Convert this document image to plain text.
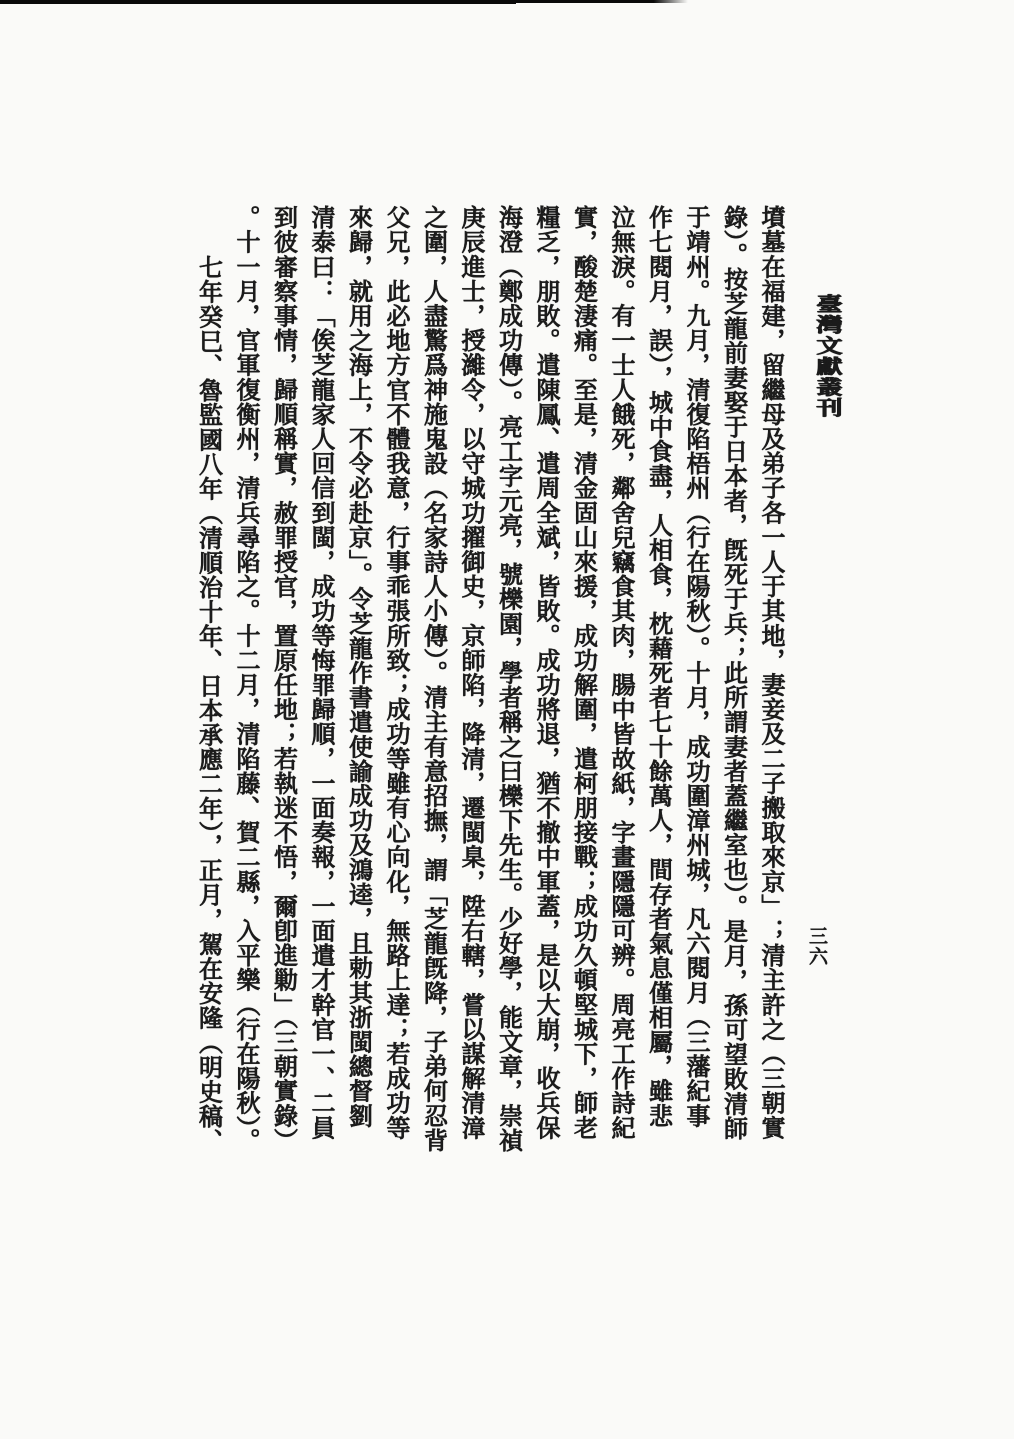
臺灣文獻叢刊
三六
墳墓在福建，留繼母及弟子各一人于其地，妻妾及二子搬取來京」；清主許之（三朝實
錄）。按芝龍前妻娶于日本者，旣死于兵；此所謂妻者蓋繼室也）。是月，孫可望敗清師
于靖州。九月，清復陷梧州（行在陽秋）。十月，成功圍漳州城，凡六閱月（三藩紀事
作七閱月，誤），城中食盡，人相食，枕藉死者七十餘萬人，間存者氣息僅相屬，雖悲
泣無淚。有一士人餓死，鄰舍兒竊食其肉，腸中皆故紙，字畫隱隱可辨。周亮工作詩紀
實，酸楚淒痛。至是，清金固山來援，成功解圍，遣柯朋接戰；成功久頓堅城下，師老
糧乏，朋敗。遣陳鳳、遣周全斌，皆敗。成功將退，猶不撤中軍蓋，是以大崩，收兵保
海澄（鄭成功傳）。亮工字元亮，號櫟園，學者稱之曰櫟下先生。少好學，能文章，崇禎
庚辰進士，授濰令，以守城功擢御史，京師陷，降清，遷閩臬，陞右轄，嘗以謀解清漳
之圍，人盡驚爲神施鬼設（名家詩人小傳）。清主有意招撫，謂「芝龍旣降，子弟何忍背
父兄，此必地方官不體我意，行事乖張所致；成功等雖有心向化，無路上達；若成功等
來歸，就用之海上，不令必赴京」。令芝龍作書遣使諭成功及鴻逵，且勅其浙閩總督劉
清泰曰：「俟芝龍家人回信到閩，成功等悔罪歸順，一面奏報，一面遣才幹官一、二員
到彼審察事情，歸順稱實，赦罪授官，置原任地；若執迷不悟，爾卽進勦」（三朝實錄）
。十一月，官軍復衡州，清兵尋陷之。十二月，清陷藤、賀二縣，入平樂（行在陽秋）。
七年癸巳、魯監國八年（清順治十年、日本承應二年），正月，駕在安隆（明史稿、
